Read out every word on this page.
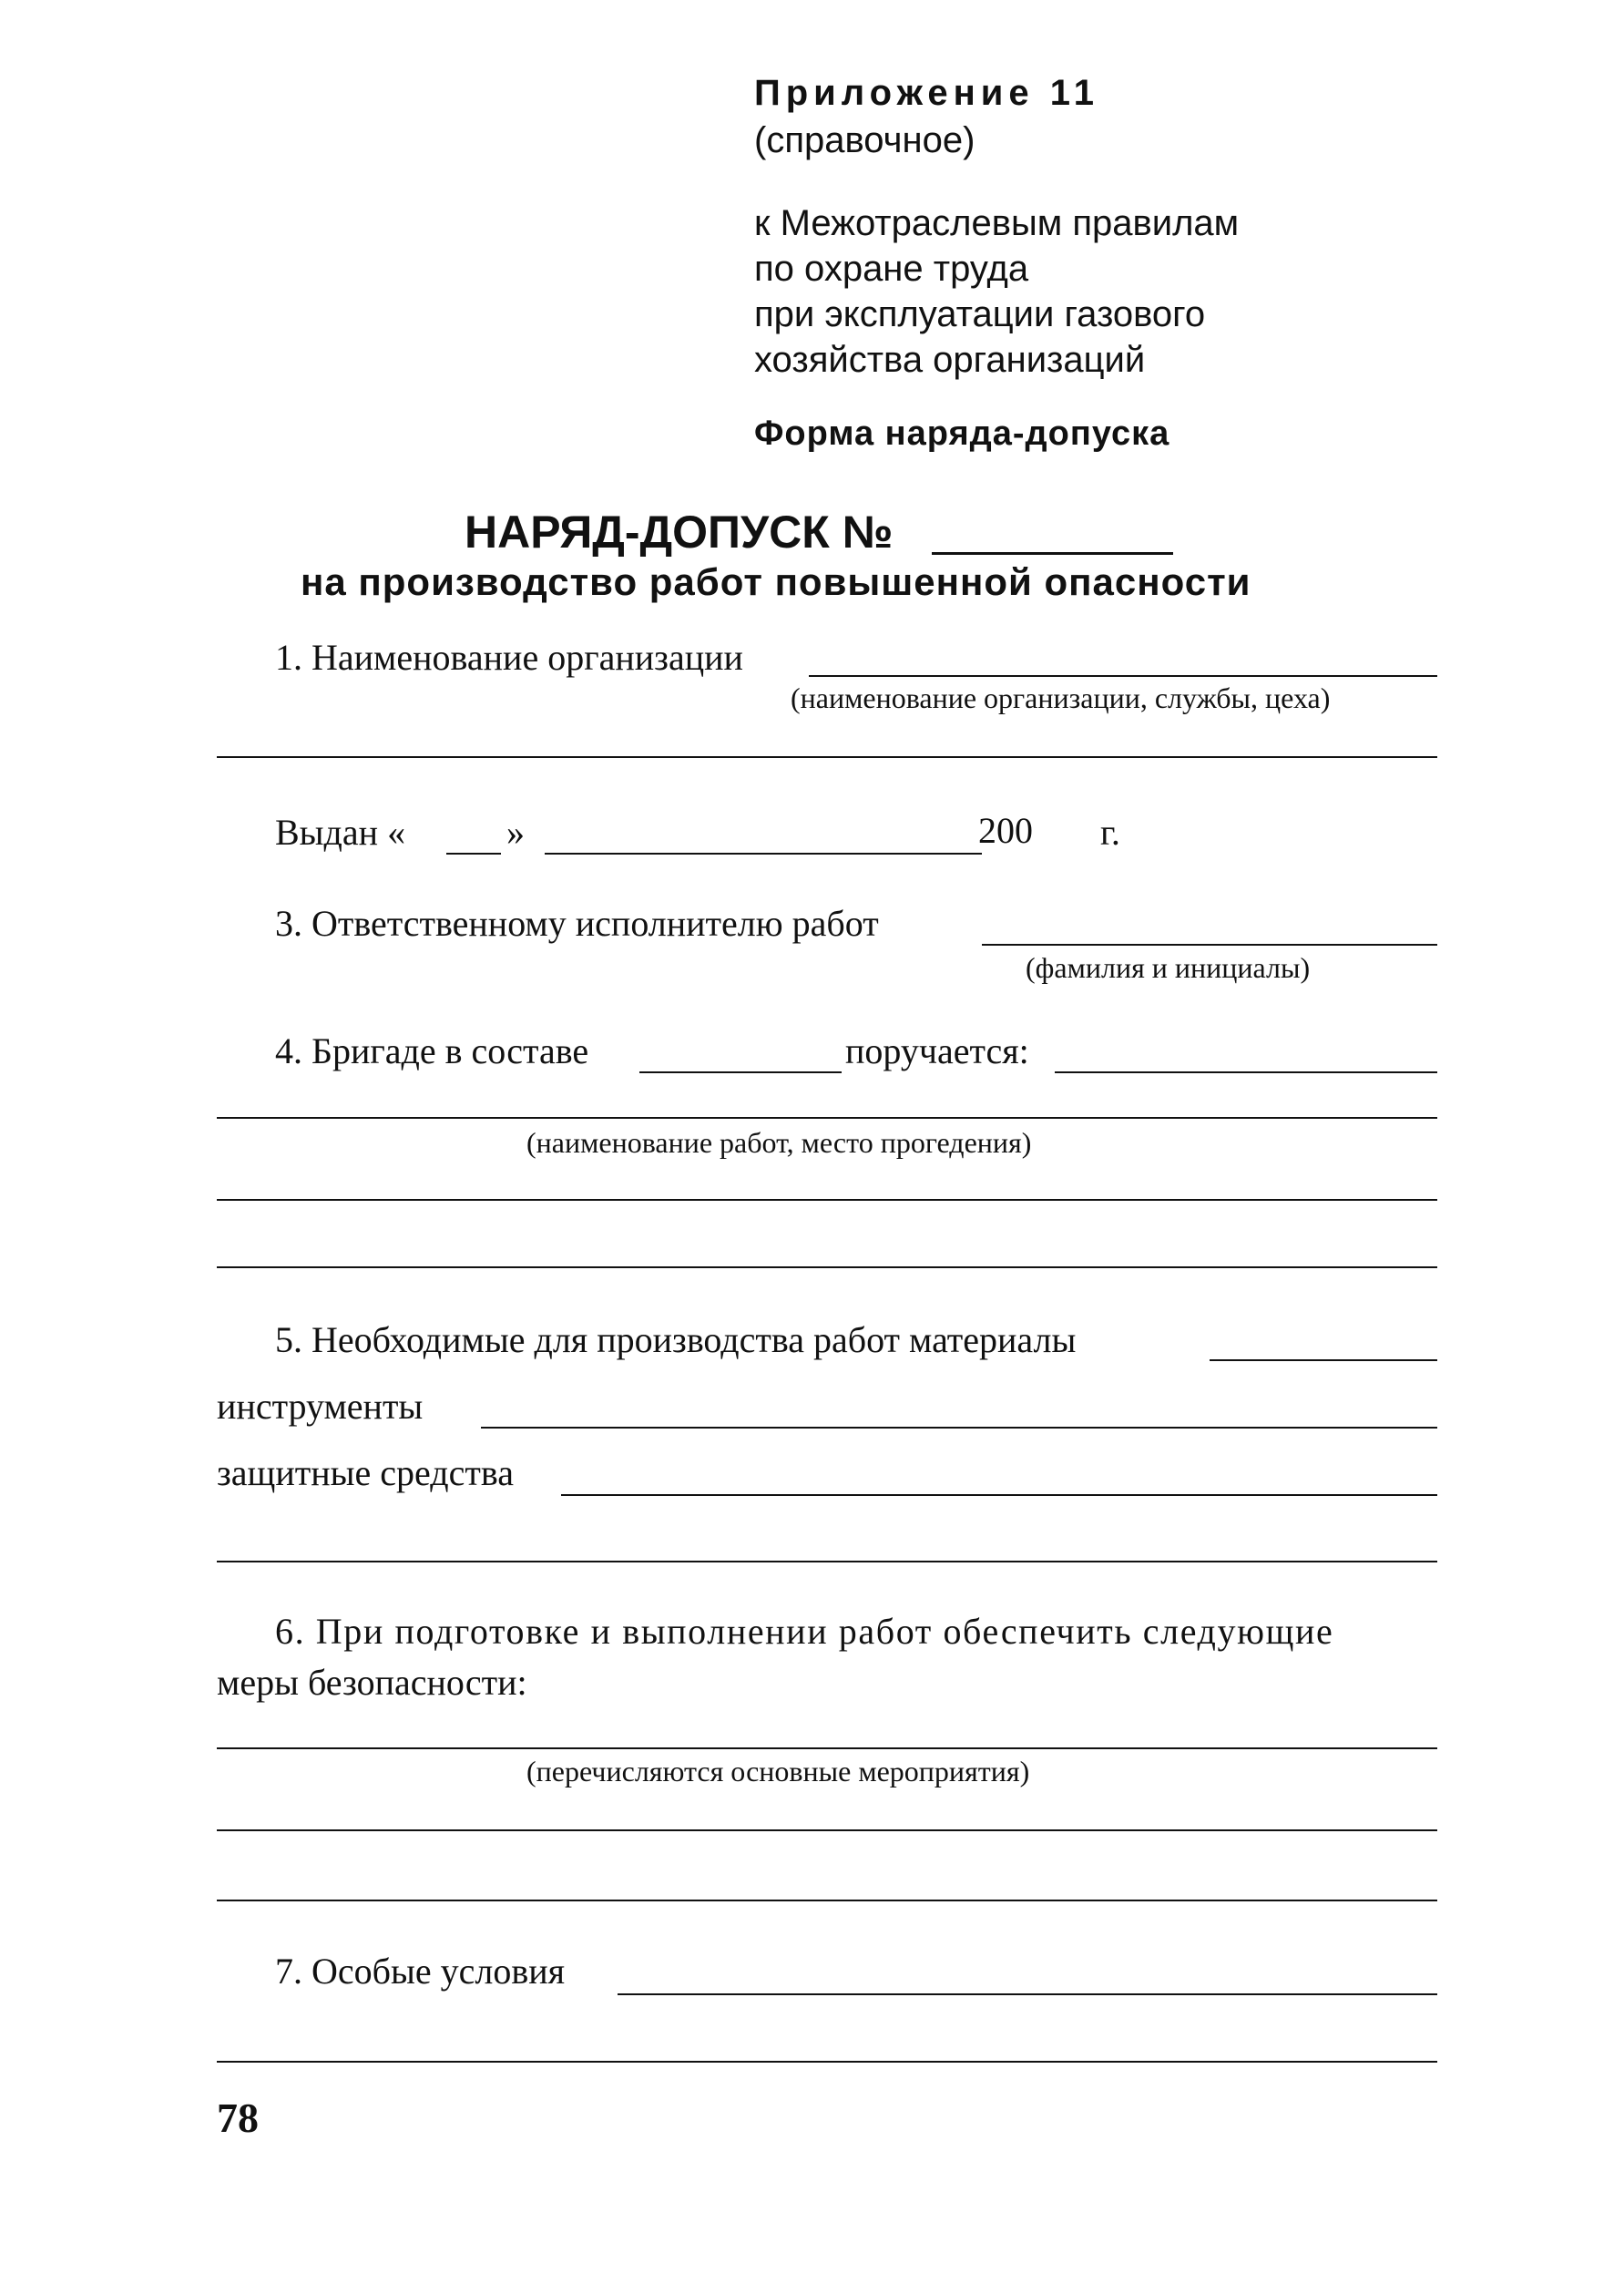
Приложение 11
(справочное)
к Межотраслевым правилам
по охране труда
при эксплуатации газового
хозяйства организаций
Форма наряда-допуска
НАРЯД-ДОПУСК №
на производство работ повышенной опасности
1. Наименование организации
(наименование организации, службы, цеха)
Выдан «	»	200 г.
3. Ответственному исполнителю работ
(фамилия и инициалы)
4. Бригаде в составе	поручается:
(наименование работ, место прогедения)
5. Необходимые для производства работ материалы
инструменты
защитные средства
6. При подготовке и выполнении работ обеспечить следующие
меры безопасности:
(перечисляются основные мероприятия)
7. Особые условия
78
